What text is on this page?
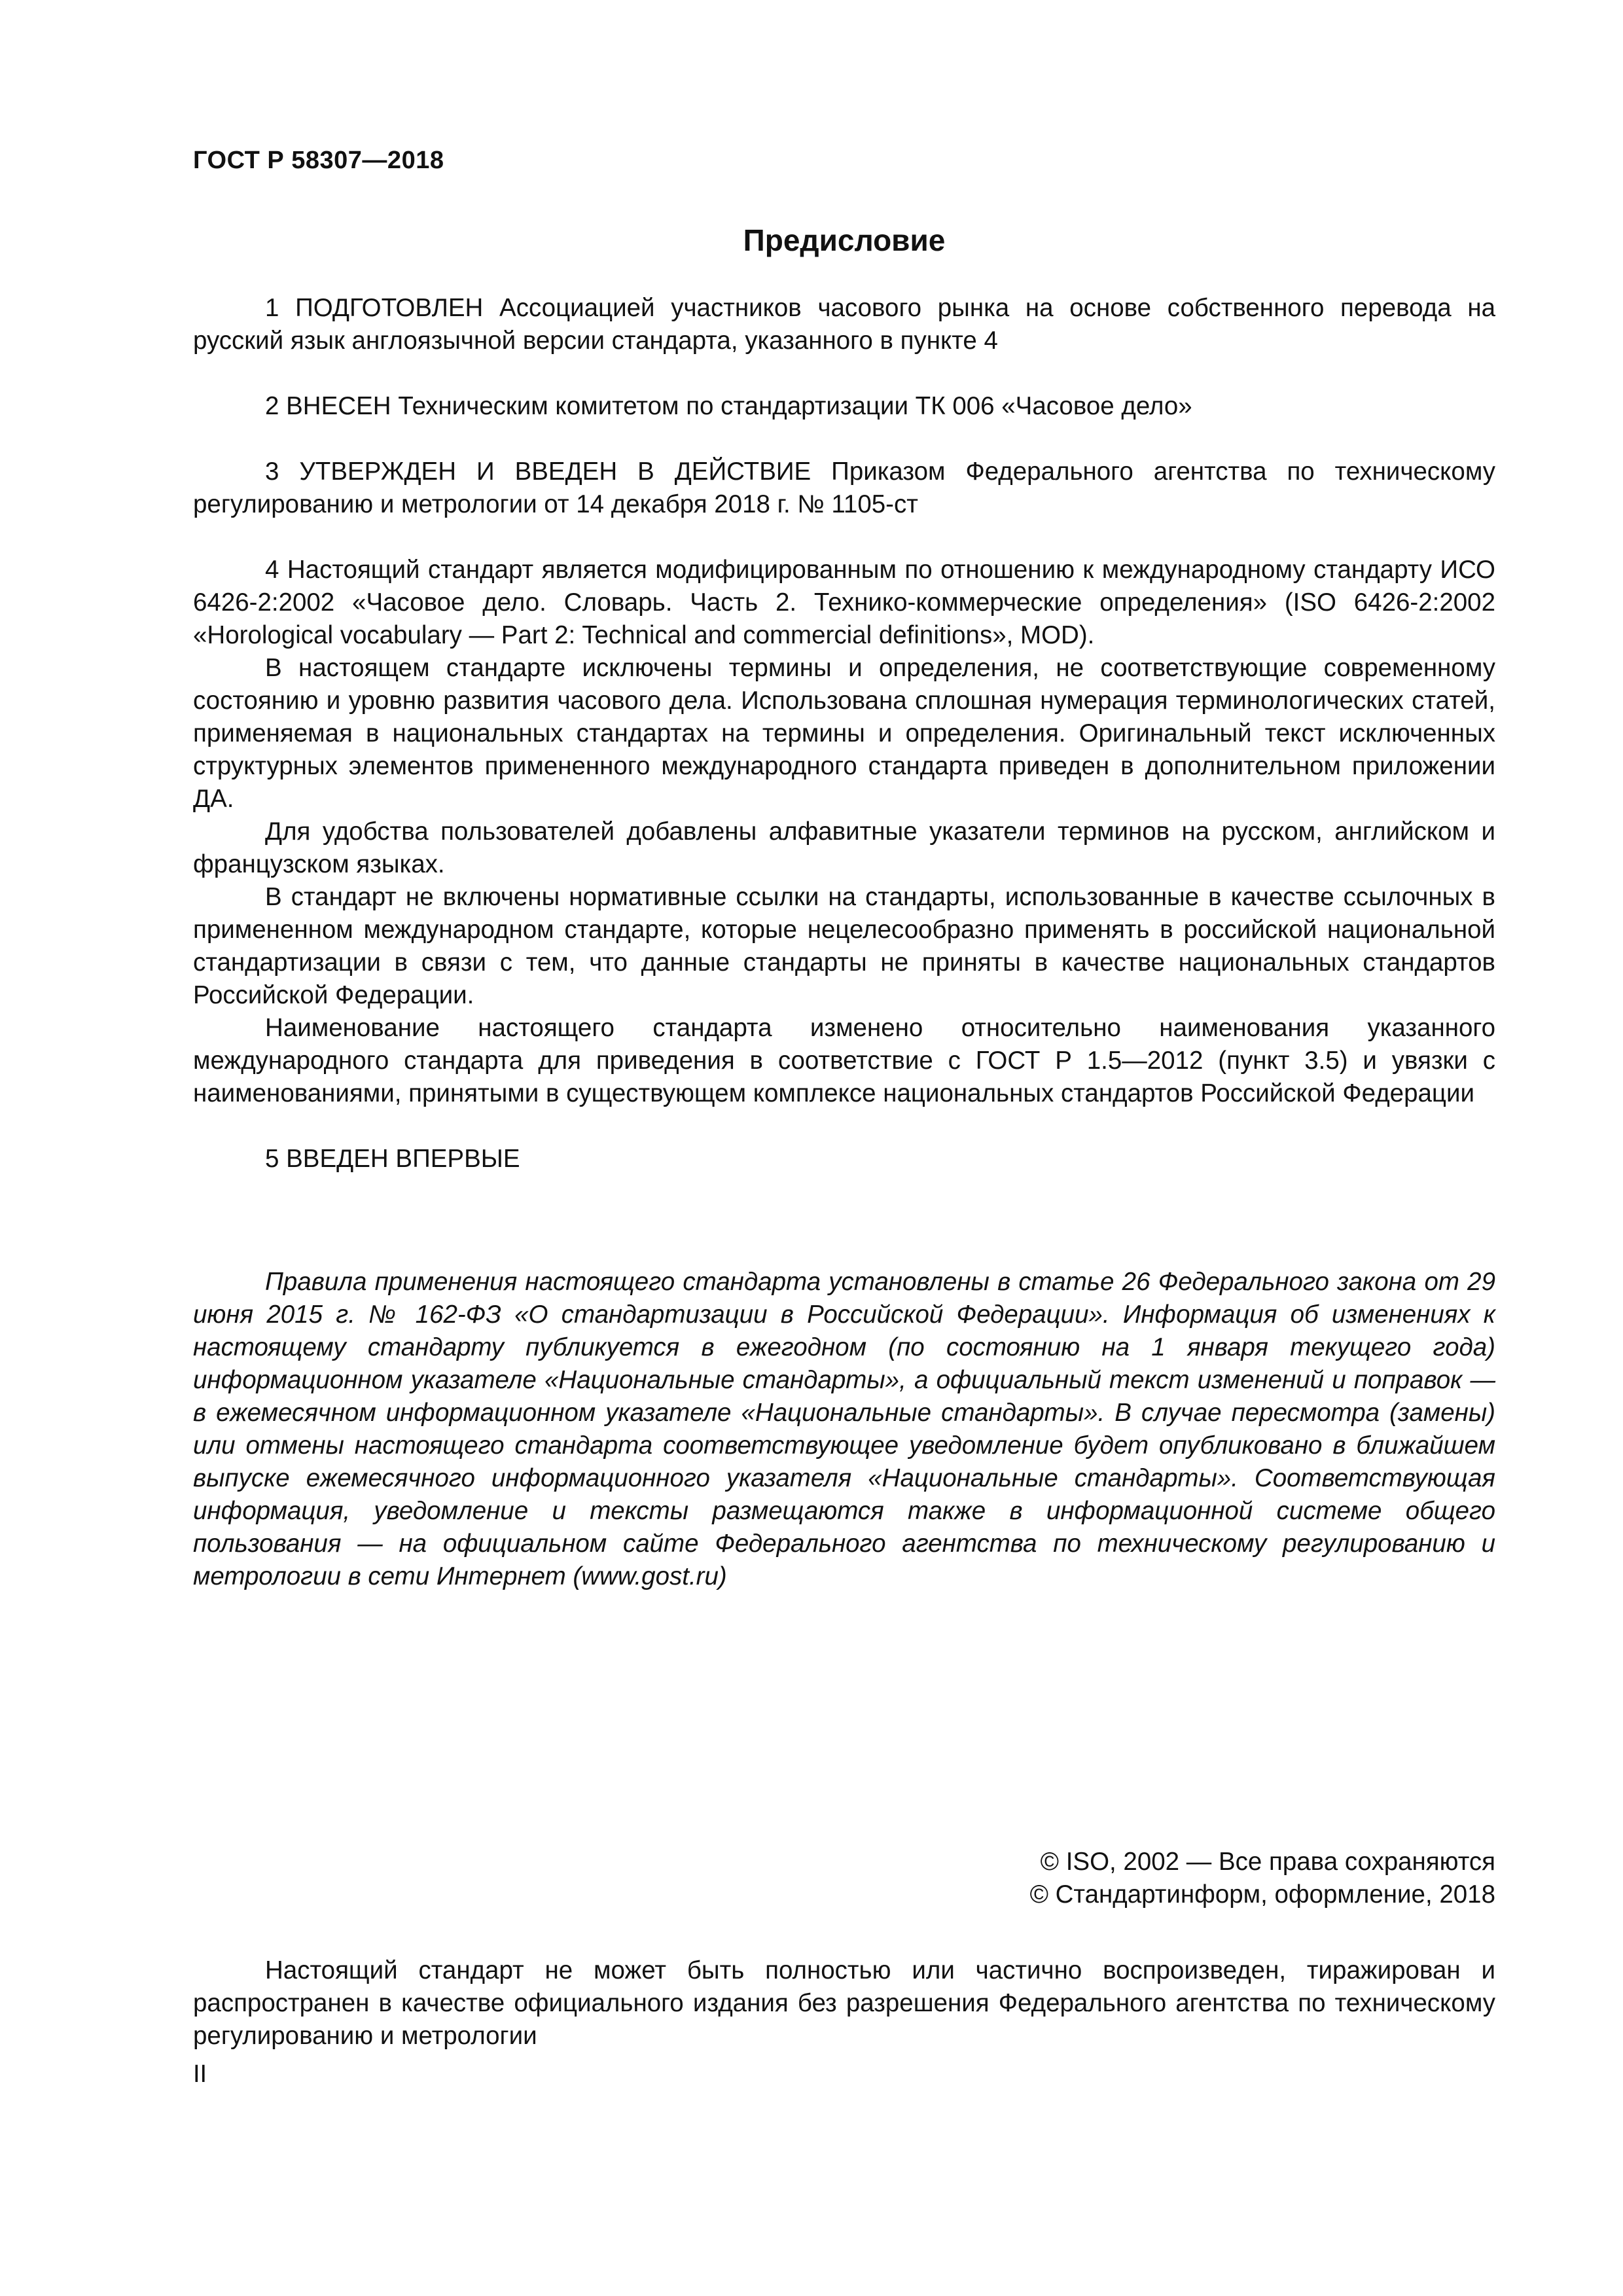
ГОСТ Р 58307—2018
Предисловие

1 ПОДГОТОВЛЕН Ассоциацией участников часового рынка на основе собственного перевода на русский язык англоязычной версии стандарта, указанного в пункте 4

2 ВНЕСЕН Техническим комитетом по стандартизации ТК 006 «Часовое дело»

3 УТВЕРЖДЕН И ВВЕДЕН В ДЕЙСТВИЕ Приказом Федерального агентства по техническому регулированию и метрологии от 14 декабря 2018 г. № 1105-ст

4 Настоящий стандарт является модифицированным по отношению к международному стандарту ИСО 6426-2:2002 «Часовое дело. Словарь. Часть 2. Технико-коммерческие определения» (ISO 6426-2:2002 «Horological vocabulary — Part 2: Technical and commercial definitions», MOD).

В настоящем стандарте исключены термины и определения, не соответствующие современному состоянию и уровню развития часового дела. Использована сплошная нумерация терминологических статей, применяемая в национальных стандартах на термины и определения. Оригинальный текст исключенных структурных элементов примененного международного стандарта приведен в дополнительном приложении ДА.

Для удобства пользователей добавлены алфавитные указатели терминов на русском, английском и французском языках.

В стандарт не включены нормативные ссылки на стандарты, использованные в качестве ссылочных в примененном международном стандарте, которые нецелесообразно применять в российской национальной стандартизации в связи с тем, что данные стандарты не приняты в качестве национальных стандартов Российской Федерации.

Наименование настоящего стандарта изменено относительно наименования указанного международного стандарта для приведения в соответствие с ГОСТ Р 1.5—2012 (пункт 3.5) и увязки с наименованиями, принятыми в существующем комплексе национальных стандартов Российской Федерации

5 ВВЕДЕН ВПЕРВЫЕ

Правила применения настоящего стандарта установлены в статье 26 Федерального закона от 29 июня 2015 г. № 162-ФЗ «О стандартизации в Российской Федерации». Информация об изменениях к настоящему стандарту публикуется в ежегодном (по состоянию на 1 января текущего года) информационном указателе «Национальные стандарты», а официальный текст изменений и поправок — в ежемесячном информационном указателе «Национальные стандарты». В случае пересмотра (замены) или отмены настоящего стандарта соответствующее уведомление будет опубликовано в ближайшем выпуске ежемесячного информационного указателя «Национальные стандарты». Соответствующая информация, уведомление и тексты размещаются также в информационной системе общего пользования — на официальном сайте Федерального агентства по техническому регулированию и метрологии в сети Интернет (www.gost.ru)

© ISO, 2002 — Все права сохраняются
© Стандартинформ, оформление, 2018

Настоящий стандарт не может быть полностью или частично воспроизведен, тиражирован и распространен в качестве официального издания без разрешения Федерального агентства по техническому регулированию и метрологии

II
